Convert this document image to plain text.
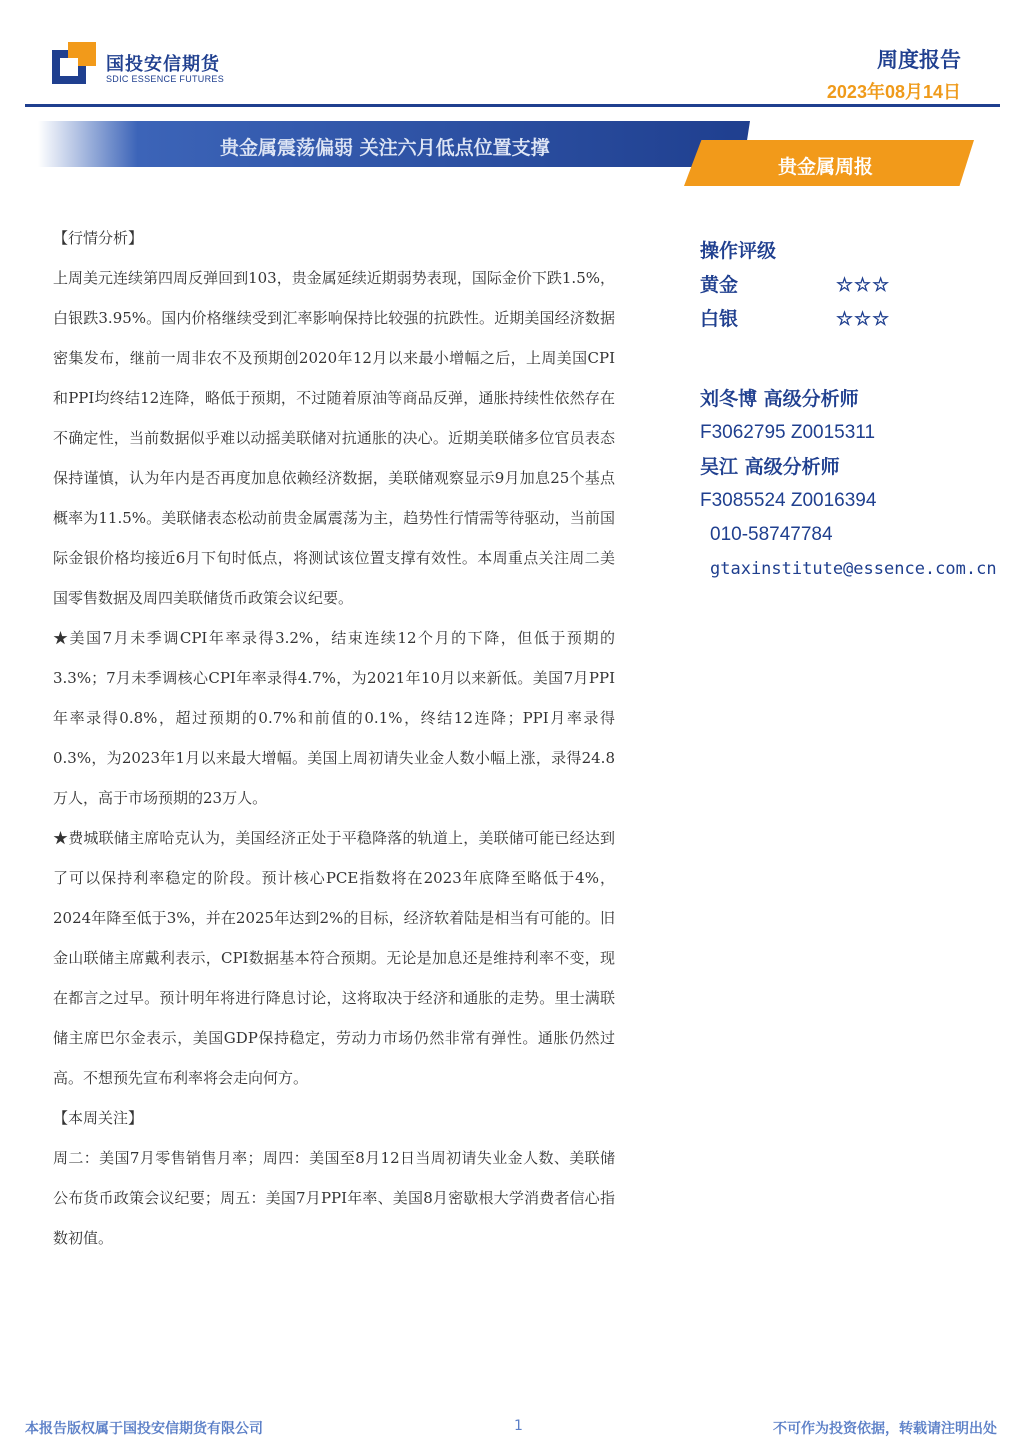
国投安信期货
SDIC ESSENCE FUTURES
周度报告
2023年08月14日
贵金属震荡偏弱 关注六月低点位置支撑
贵金属周报

【行情分析】

上周美元连续第四周反弹回到103，贵金属延续近期弱势表现，国际金价下跌1.5%，白银跌3.95%。国内价格继续受到汇率影响保持比较强的抗跌性。近期美国经济数据密集发布，继前一周非农不及预期创2020年12月以来最小增幅之后，上周美国CPI和PPI均终结12连降，略低于预期，不过随着原油等商品反弹，通胀持续性依然存在不确定性，当前数据似乎难以动摇美联储对抗通胀的决心。近期美联储多位官员表态保持谨慎，认为年内是否再度加息依赖经济数据，美联储观察显示9月加息25个基点概率为11.5%。美联储表态松动前贵金属震荡为主，趋势性行情需等待驱动，当前国际金银价格均接近6月下旬时低点，将测试该位置支撑有效性。本周重点关注周二美国零售数据及周四美联储货币政策会议纪要。

★美国7月未季调CPI年率录得3.2%，结束连续12个月的下降，但低于预期的3.3%；7月未季调核心CPI年率录得4.7%，为2021年10月以来新低。美国7月PPI年率录得0.8%，超过预期的0.7%和前值的0.1%，终结12连降；PPI月率录得0.3%，为2023年1月以来最大增幅。美国上周初请失业金人数小幅上涨，录得24.8万人，高于市场预期的23万人。

★费城联储主席哈克认为，美国经济正处于平稳降落的轨道上，美联储可能已经达到了可以保持利率稳定的阶段。预计核心PCE指数将在2023年底降至略低于4%，2024年降至低于3%，并在2025年达到2%的目标，经济软着陆是相当有可能的。旧金山联储主席戴利表示，CPI数据基本符合预期。无论是加息还是维持利率不变，现在都言之过早。预计明年将进行降息讨论，这将取决于经济和通胀的走势。里士满联储主席巴尔金表示，美国GDP保持稳定，劳动力市场仍然非常有弹性。通胀仍然过高。不想预先宣布利率将会走向何方。

【本周关注】

周二：美国7月零售销售月率；周四：美国至8月12日当周初请失业金人数、美联储公布货币政策会议纪要；周五：美国7月PPI年率、美国8月密歇根大学消费者信心指数初值。

操作评级
黄金	☆☆☆
白银	☆☆☆
刘冬博 高级分析师
F3062795 Z0015311
吴江 高级分析师
F3085524 Z0016394
010-58747784
gtaxinstitute@essence.com.cn
本报告版权属于国投安信期货有限公司	1	不可作为投资依据，转载请注明出处
